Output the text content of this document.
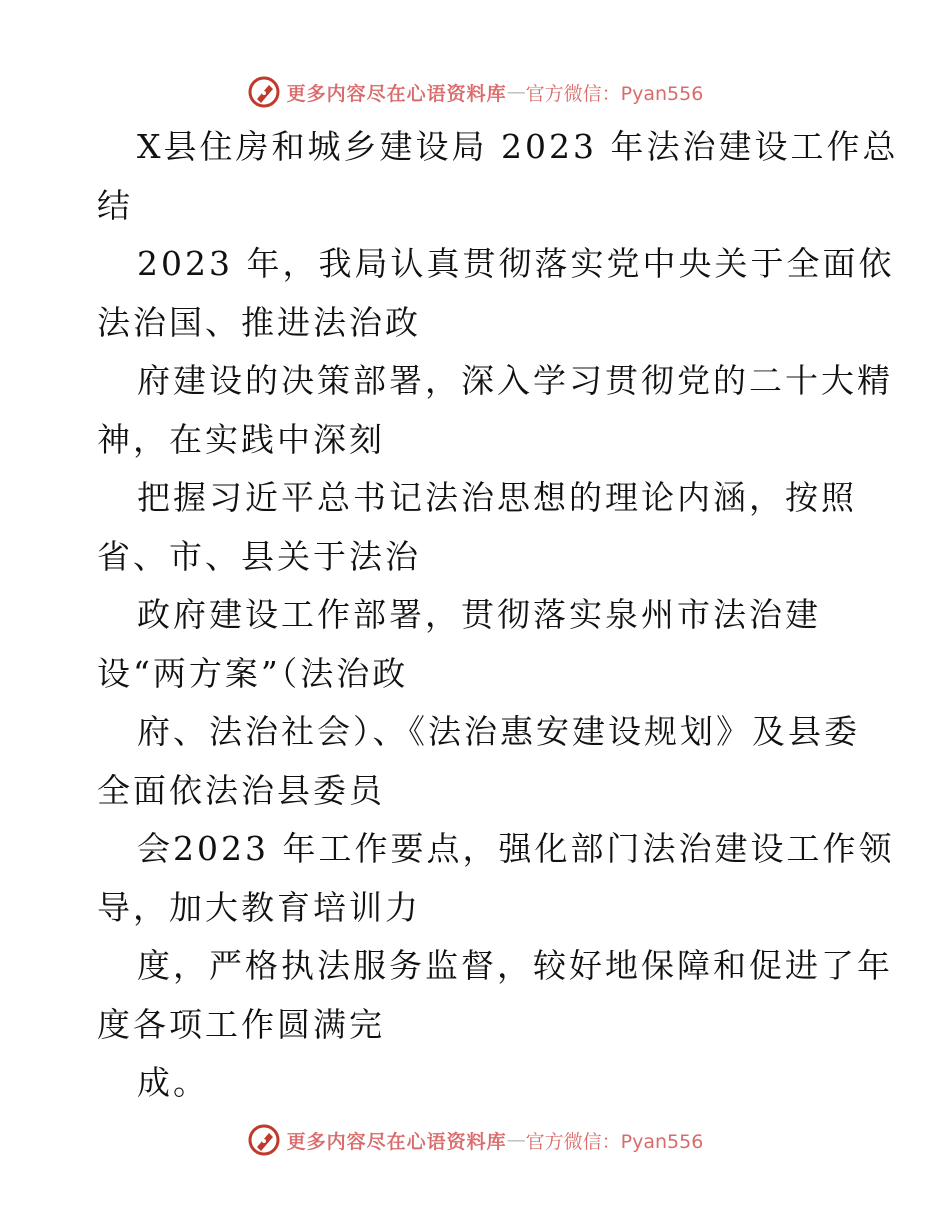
更多内容尽在心语资料库 — 官方微信：Pyan556
X县住房和城乡建设局 2023 年法治建设工作总
结
2023 年，我局认真贯彻落实党中央关于全面依
法治国、推进法治政
府建设的决策部署，深入学习贯彻党的二十大精
神，在实践中深刻
把握习近平总书记法治思想的理论内涵，按照
省、市、县关于法治
政府建设工作部署，贯彻落实泉州市法治建
设“两方案”（法治政
府、法治社会）、《法治惠安建设规划》及县委
全面依法治县委员
会2023 年工作要点，强化部门法治建设工作领
导，加大教育培训力
度，严格执法服务监督，较好地保障和促进了年
度各项工作圆满完
成。
更多内容尽在心语资料库 — 官方微信：Pyan556
